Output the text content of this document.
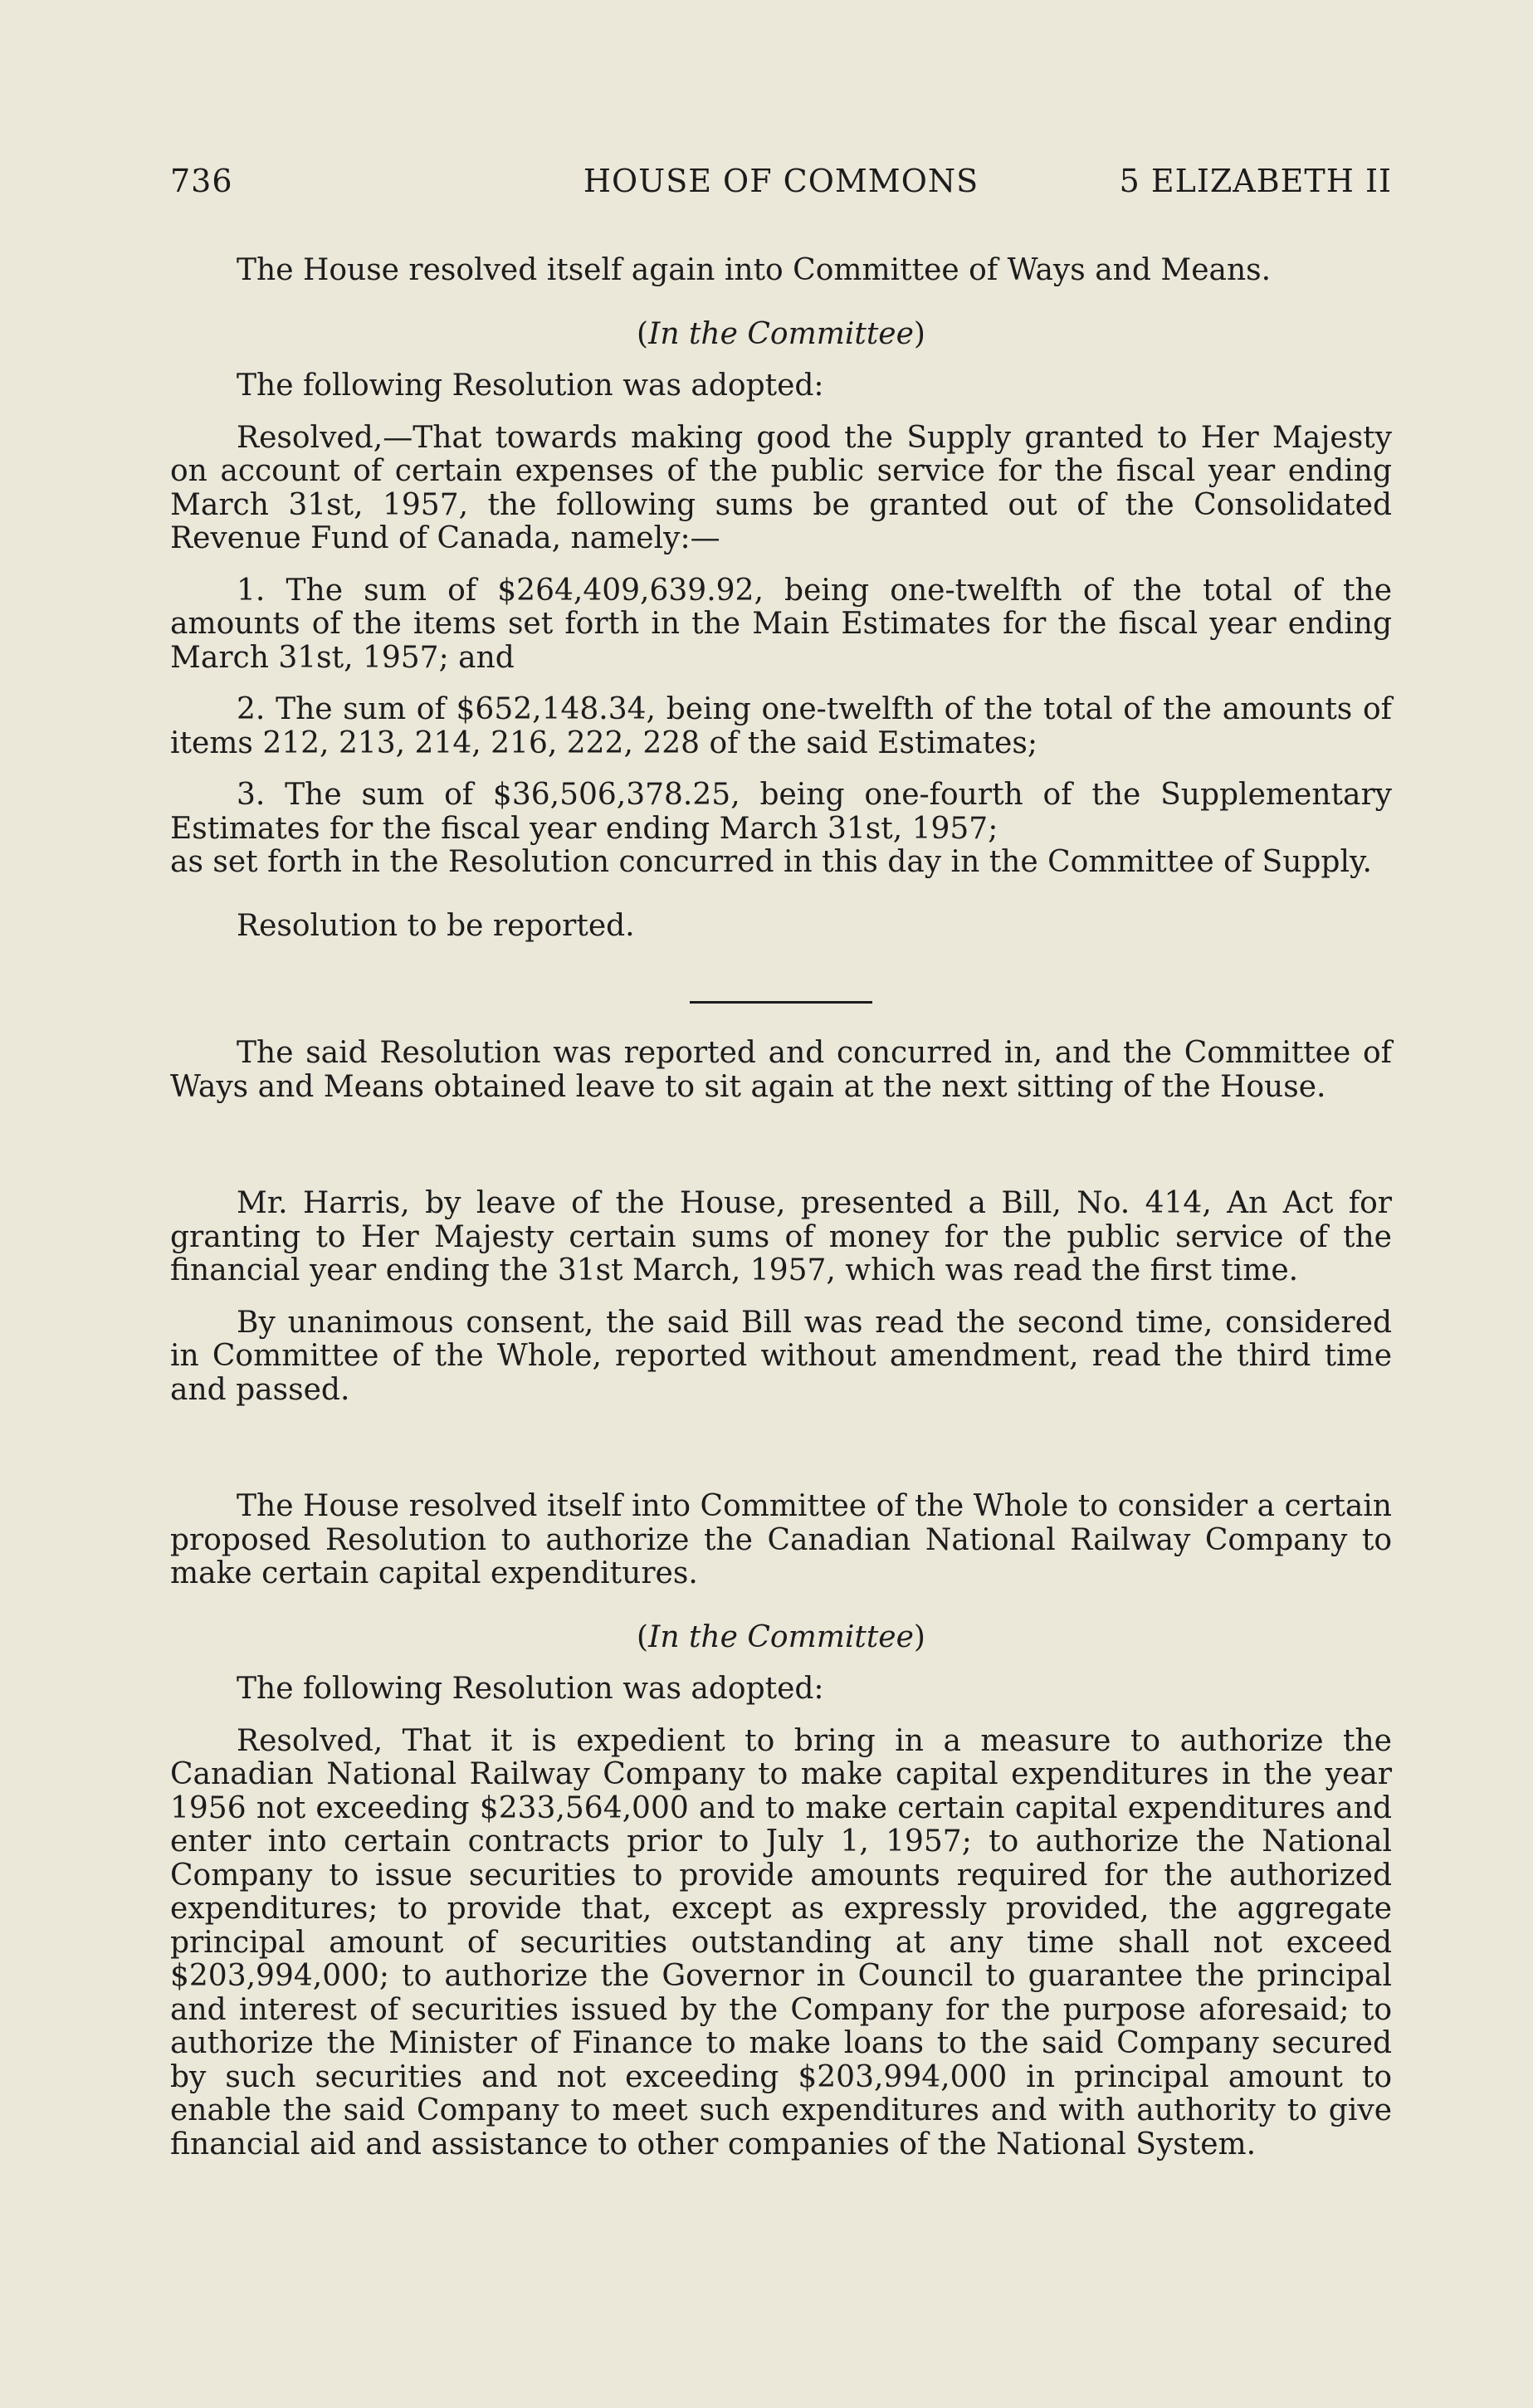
736	HOUSE OF COMMONS	5 ELIZABETH II

The House resolved itself again into Committee of Ways and Means.

(In the Committee)

The following Resolution was adopted:

Resolved,—That towards making good the Supply granted to Her Majesty on account of certain expenses of the public service for the fiscal year ending March 31st, 1957, the following sums be granted out of the Consolidated Revenue Fund of Canada, namely:—

1. The sum of $264,409,639.92, being one-twelfth of the total of the amounts of the items set forth in the Main Estimates for the fiscal year ending March 31st, 1957; and

2. The sum of $652,148.34, being one-twelfth of the total of the amounts of items 212, 213, 214, 216, 222, 228 of the said Estimates;

3. The sum of $36,506,378.25, being one-fourth of the Supplementary Estimates for the fiscal year ending March 31st, 1957;

as set forth in the Resolution concurred in this day in the Committee of Supply.

Resolution to be reported.

The said Resolution was reported and concurred in, and the Committee of Ways and Means obtained leave to sit again at the next sitting of the House.

Mr. Harris, by leave of the House, presented a Bill, No. 414, An Act for granting to Her Majesty certain sums of money for the public service of the financial year ending the 31st March, 1957, which was read the first time.

By unanimous consent, the said Bill was read the second time, considered in Committee of the Whole, reported without amendment, read the third time and passed.

The House resolved itself into Committee of the Whole to consider a certain proposed Resolution to authorize the Canadian National Railway Company to make certain capital expenditures.

(In the Committee)

The following Resolution was adopted:

Resolved, That it is expedient to bring in a measure to authorize the Canadian National Railway Company to make capital expenditures in the year 1956 not exceeding $233,564,000 and to make certain capital expenditures and enter into certain contracts prior to July 1, 1957; to authorize the National Company to issue securities to provide amounts required for the authorized expenditures; to provide that, except as expressly provided, the aggregate principal amount of securities outstanding at any time shall not exceed $203,994,000; to authorize the Governor in Council to guarantee the principal and interest of securities issued by the Company for the purpose aforesaid; to authorize the Minister of Finance to make loans to the said Company secured by such securities and not exceeding $203,994,000 in principal amount to enable the said Company to meet such expenditures and with authority to give financial aid and assistance to other companies of the National System.
